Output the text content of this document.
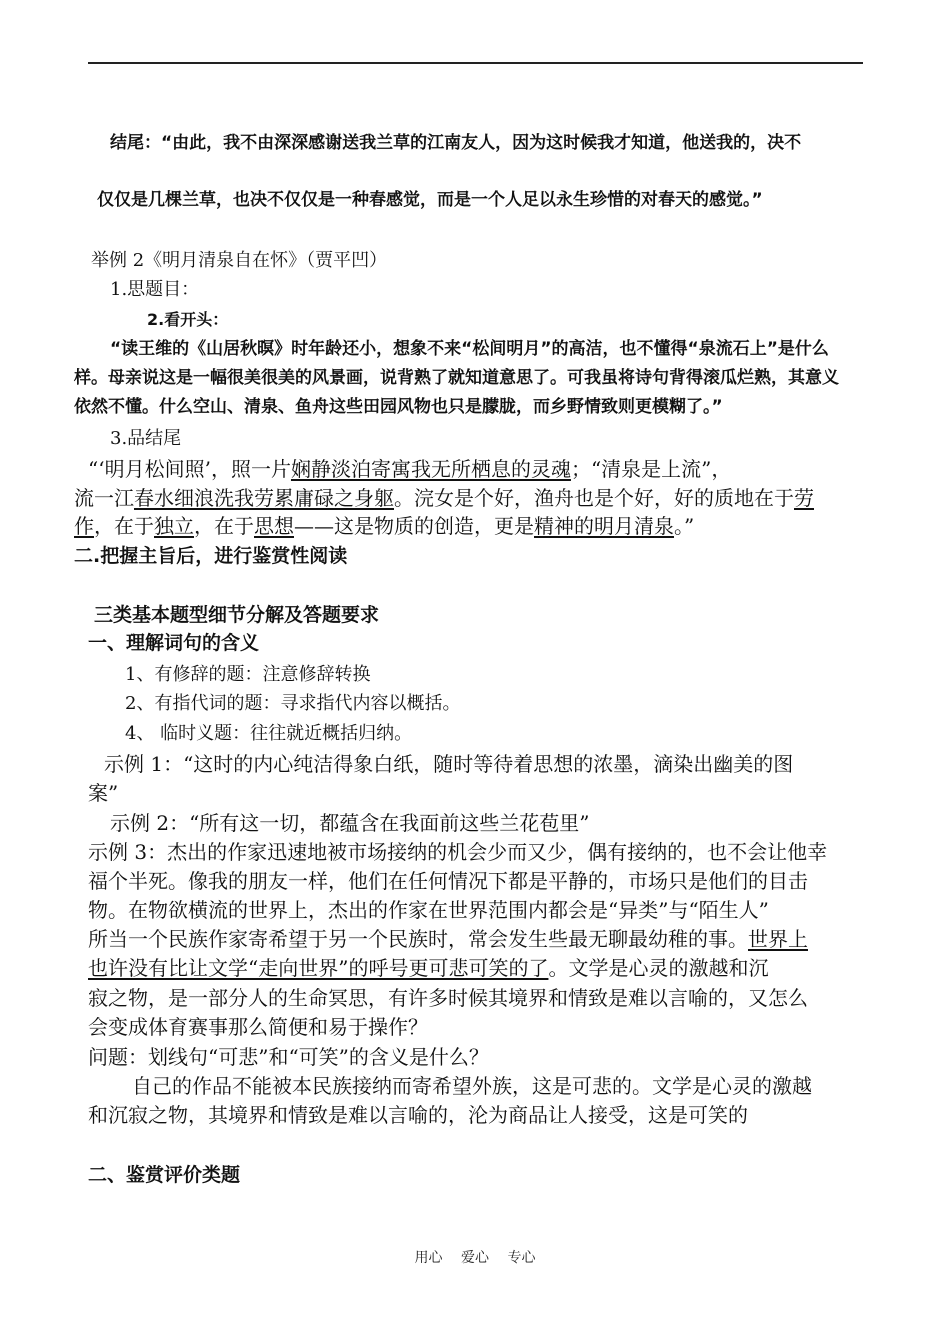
结尾：“由此，我不由深深感谢送我兰草的江南友人，因为这时候我才知道，他送我的，决不
仅仅是几棵兰草，也决不仅仅是一种春感觉，而是一个人足以永生珍惜的对春天的感觉。”
举例 2《明月清泉自在怀》（贾平凹）
1.思题目：
2.看开头：
“读王维的《山居秋暝》时年龄还小，想象不来“松间明月”的高洁，也不懂得“泉流石上”是什么
样。母亲说这是一幅很美很美的风景画，说背熟了就知道意思了。可我虽将诗句背得滚瓜烂熟，其意义
依然不懂。什么空山、清泉、鱼舟这些田园风物也只是朦胧，而乡野情致则更模糊了。”
3.品结尾
“‘明月松间照’，照一片娴静淡泊寄寓我无所栖息的灵魂；“清泉是上流”，
流一江春水细浪洗我劳累庸碌之身躯。浣女是个好，渔舟也是个好，好的质地在于劳
作，在于独立，在于思想——这是物质的创造，更是精神的明月清泉。”
二.把握主旨后，进行鉴赏性阅读
三类基本题型细节分解及答题要求
一、理解词句的含义
1、有修辞的题：注意修辞转换
2、有指代词的题：寻求指代内容以概括。
4、 临时义题：往往就近概括归纳。
示例 1：“这时的内心纯洁得象白纸，随时等待着思想的浓墨，滴染出幽美的图
案”
示例 2：“所有这一切，都蕴含在我面前这些兰花苞里”
示例 3：杰出的作家迅速地被市场接纳的机会少而又少，偶有接纳的，也不会让他幸
福个半死。像我的朋友一样，他们在任何情况下都是平静的，市场只是他们的目击
物。在物欲横流的世界上，杰出的作家在世界范围内都会是“异类”与“陌生人”
所当一个民族作家寄希望于另一个民族时，常会发生些最无聊最幼稚的事。世界上
也许没有比让文学“走向世界”的呼号更可悲可笑的了。文学是心灵的激越和沉
寂之物，是一部分人的生命冥思，有许多时候其境界和情致是难以言喻的，又怎么
会变成体育赛事那么简便和易于操作？
问题：划线句“可悲”和“可笑”的含义是什么？
自己的作品不能被本民族接纳而寄希望外族，这是可悲的。文学是心灵的激越
和沉寂之物，其境界和情致是难以言喻的，沦为商品让人接受，这是可笑的
二、鉴赏评价类题
用心 爱心 专心
